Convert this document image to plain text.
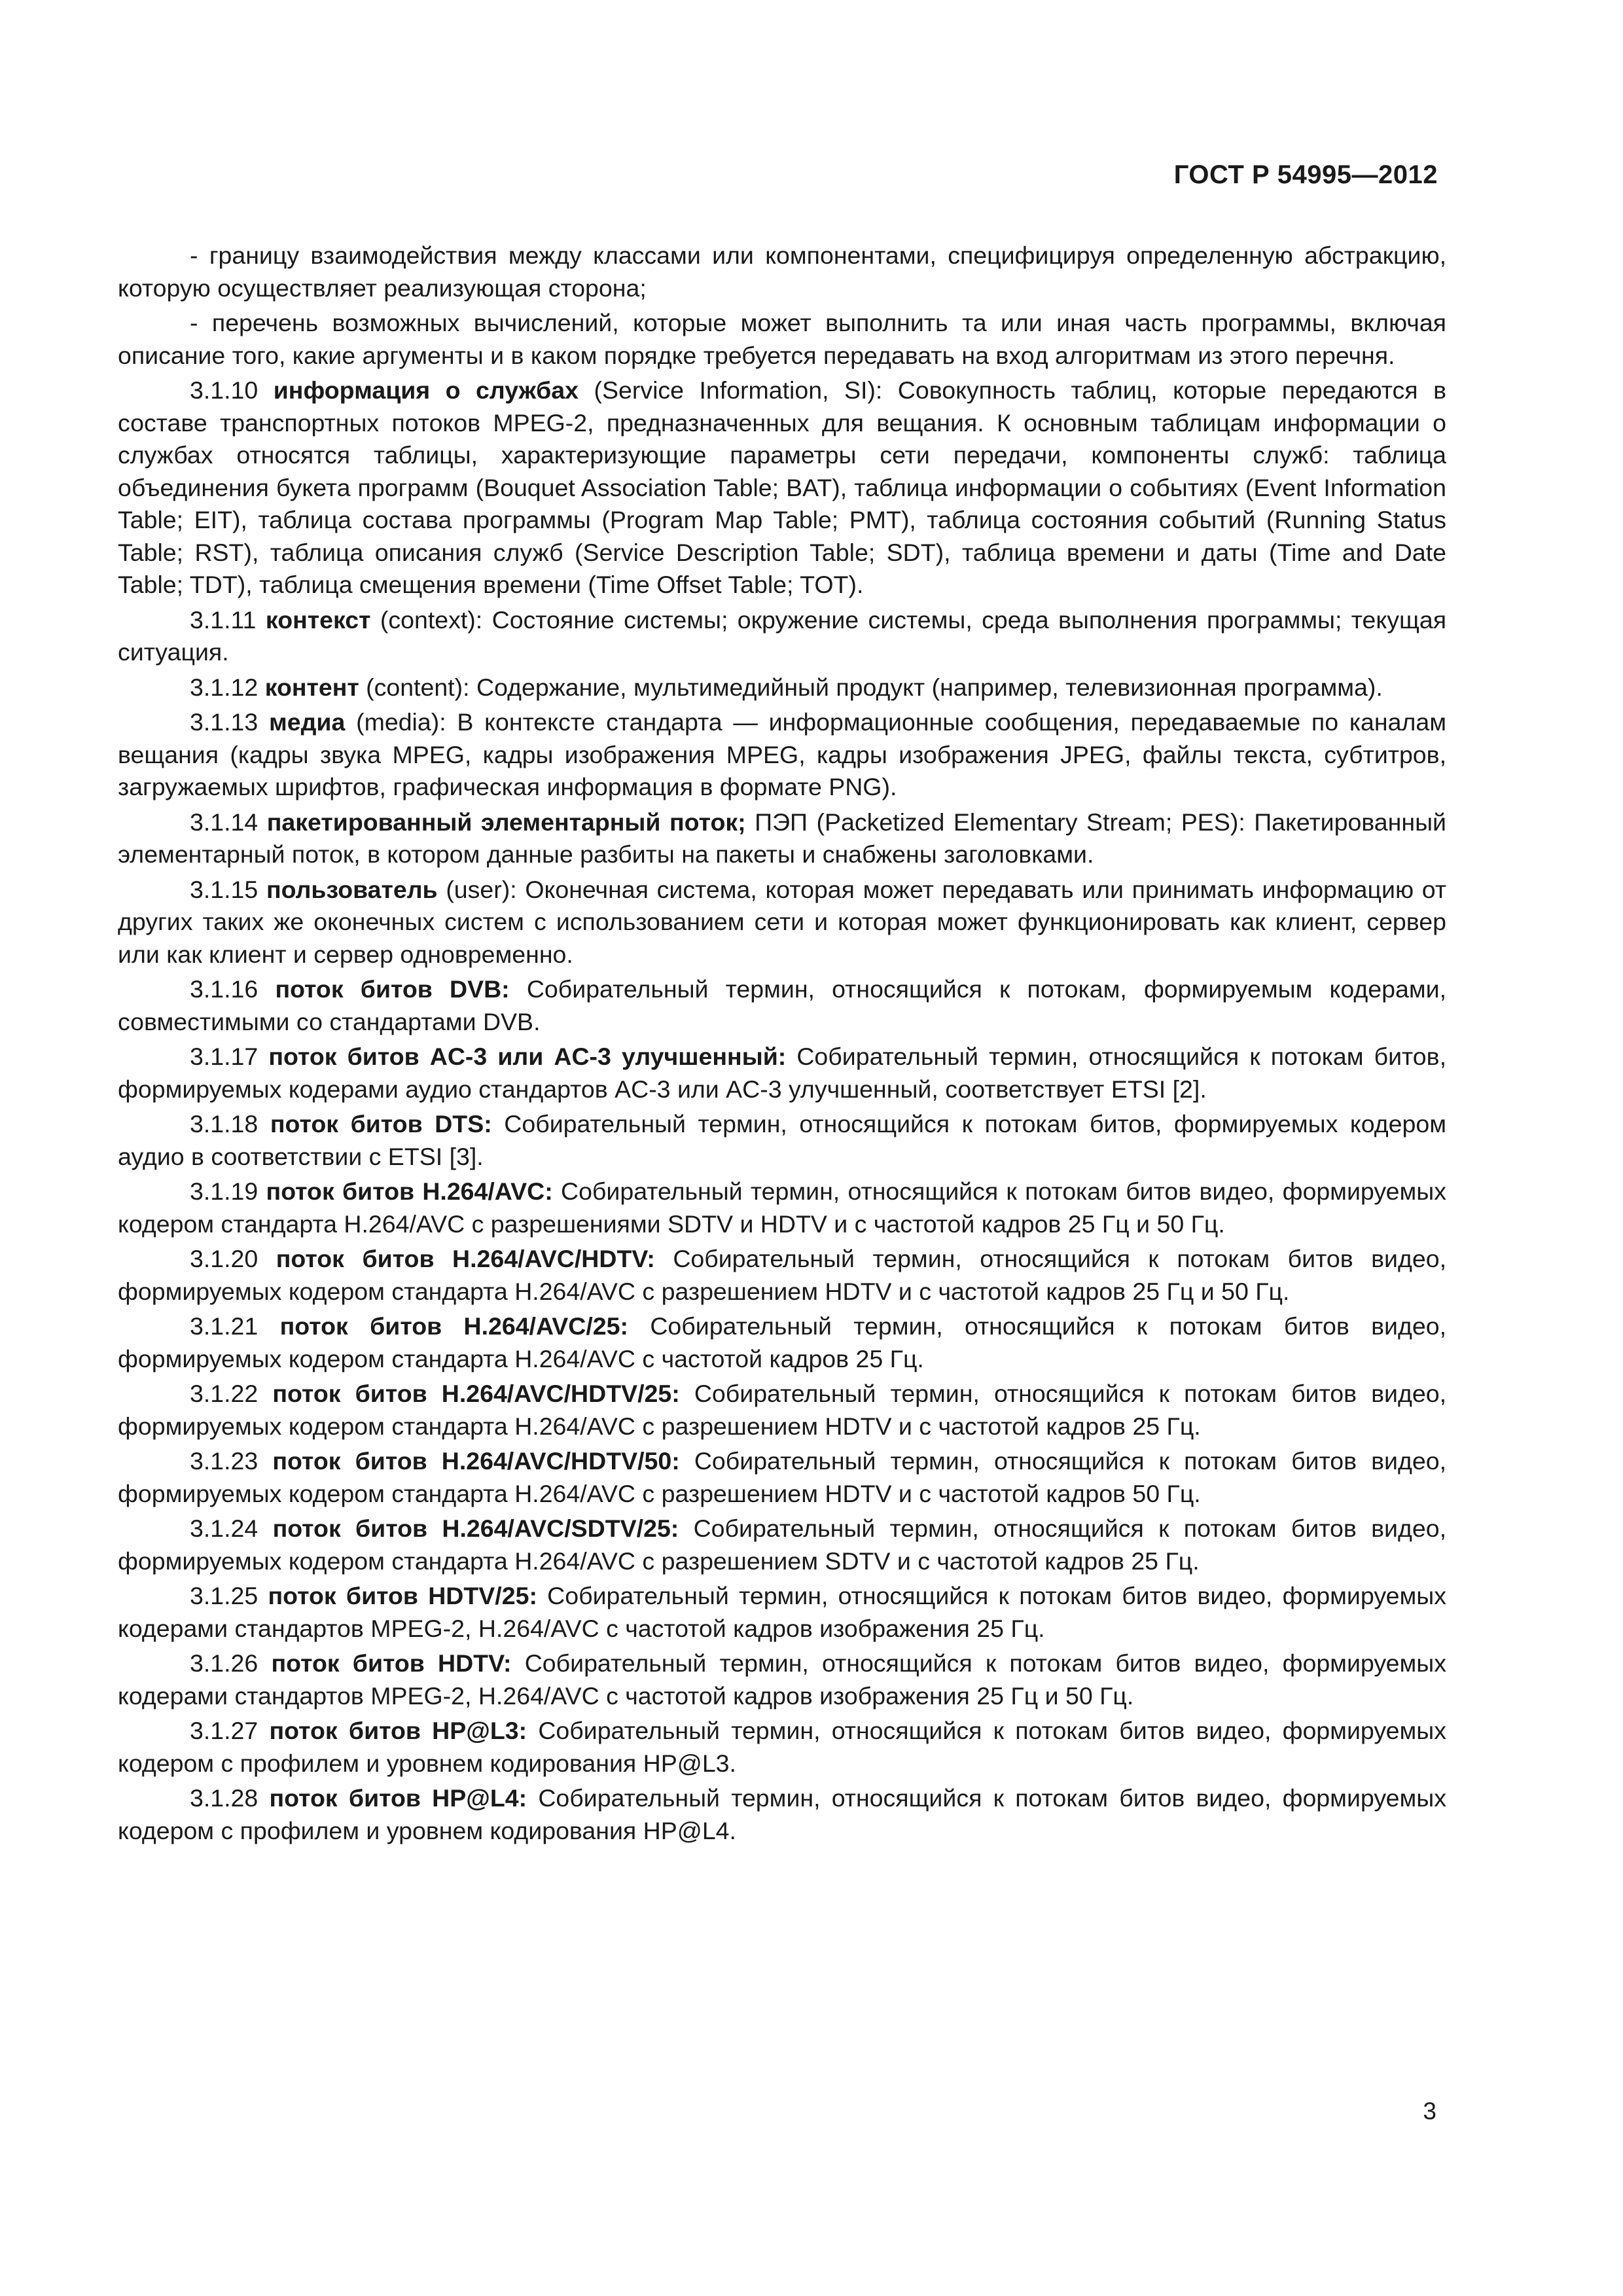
ГОСТ Р 54995—2012

- границу взаимодействия между классами или компонентами, специфицируя определенную абстракцию, которую осуществляет реализующая сторона;

- перечень возможных вычислений, которые может выполнить та или иная часть программы, включая описание того, какие аргументы и в каком порядке требуется передавать на вход алгоритмам из этого перечня.

3.1.10 информация о службах (Service Information, SI): Совокупность таблиц, которые передаются в составе транспортных потоков MPEG-2, предназначенных для вещания. К основным таблицам информации о службах относятся таблицы, характеризующие параметры сети передачи, компоненты служб: таблица объединения букета программ (Bouquet Association Table; BAT), таблица информации о событиях (Event Information Table; EIT), таблица состава программы (Program Map Table; PMT), таблица состояния событий (Running Status Table; RST), таблица описания служб (Service Description Table; SDT), таблица времени и даты (Time and Date Table; TDT), таблица смещения времени (Time Offset Table; TOT).

3.1.11 контекст (context): Состояние системы; окружение системы, среда выполнения программы; текущая ситуация.

3.1.12 контент (content): Содержание, мультимедийный продукт (например, телевизионная программа).

3.1.13 медиа (media): В контексте стандарта — информационные сообщения, передаваемые по каналам вещания (кадры звука MPEG, кадры изображения MPEG, кадры изображения JPEG, файлы текста, субтитров, загружаемых шрифтов, графическая информация в формате PNG).

3.1.14 пакетированный элементарный поток; ПЭП (Packetized Elementary Stream; PES): Пакетированный элементарный поток, в котором данные разбиты на пакеты и снабжены заголовками.

3.1.15 пользователь (user): Оконечная система, которая может передавать или принимать информацию от других таких же оконечных систем с использованием сети и которая может функционировать как клиент, сервер или как клиент и сервер одновременно.

3.1.16 поток битов DVB: Собирательный термин, относящийся к потокам, формируемым кодерами, совместимыми со стандартами DVB.

3.1.17 поток битов AC-3 или AC-3 улучшенный: Собирательный термин, относящийся к потокам битов, формируемых кодерами аудио стандартов AC-3 или AC-3 улучшенный, соответствует ETSI [2].

3.1.18 поток битов DTS: Собирательный термин, относящийся к потокам битов, формируемых кодером аудио в соответствии с ETSI [3].

3.1.19 поток битов H.264/AVC: Собирательный термин, относящийся к потокам битов видео, формируемых кодером стандарта H.264/AVC с разрешениями SDTV и HDTV и с частотой кадров 25 Гц и 50 Гц.

3.1.20 поток битов H.264/AVC/HDTV: Собирательный термин, относящийся к потокам битов видео, формируемых кодером стандарта H.264/AVC с разрешением HDTV и с частотой кадров 25 Гц и 50 Гц.

3.1.21 поток битов H.264/AVC/25: Собирательный термин, относящийся к потокам битов видео, формируемых кодером стандарта H.264/AVC с частотой кадров 25 Гц.

3.1.22 поток битов H.264/AVC/HDTV/25: Собирательный термин, относящийся к потокам битов видео, формируемых кодером стандарта H.264/AVC с разрешением HDTV и с частотой кадров 25 Гц.

3.1.23 поток битов H.264/AVC/HDTV/50: Собирательный термин, относящийся к потокам битов видео, формируемых кодером стандарта H.264/AVC с разрешением HDTV и с частотой кадров 50 Гц.

3.1.24 поток битов H.264/AVC/SDTV/25: Собирательный термин, относящийся к потокам битов видео, формируемых кодером стандарта H.264/AVC с разрешением SDTV и с частотой кадров 25 Гц.

3.1.25 поток битов HDTV/25: Собирательный термин, относящийся к потокам битов видео, формируемых кодерами стандартов MPEG-2, H.264/AVC с частотой кадров изображения 25 Гц.

3.1.26 поток битов HDTV: Собирательный термин, относящийся к потокам битов видео, формируемых кодерами стандартов MPEG-2, H.264/AVC с частотой кадров изображения 25 Гц и 50 Гц.

3.1.27 поток битов HP@L3: Собирательный термин, относящийся к потокам битов видео, формируемых кодером с профилем и уровнем кодирования HP@L3.

3.1.28 поток битов HP@L4: Собирательный термин, относящийся к потокам битов видео, формируемых кодером с профилем и уровнем кодирования HP@L4.

3
